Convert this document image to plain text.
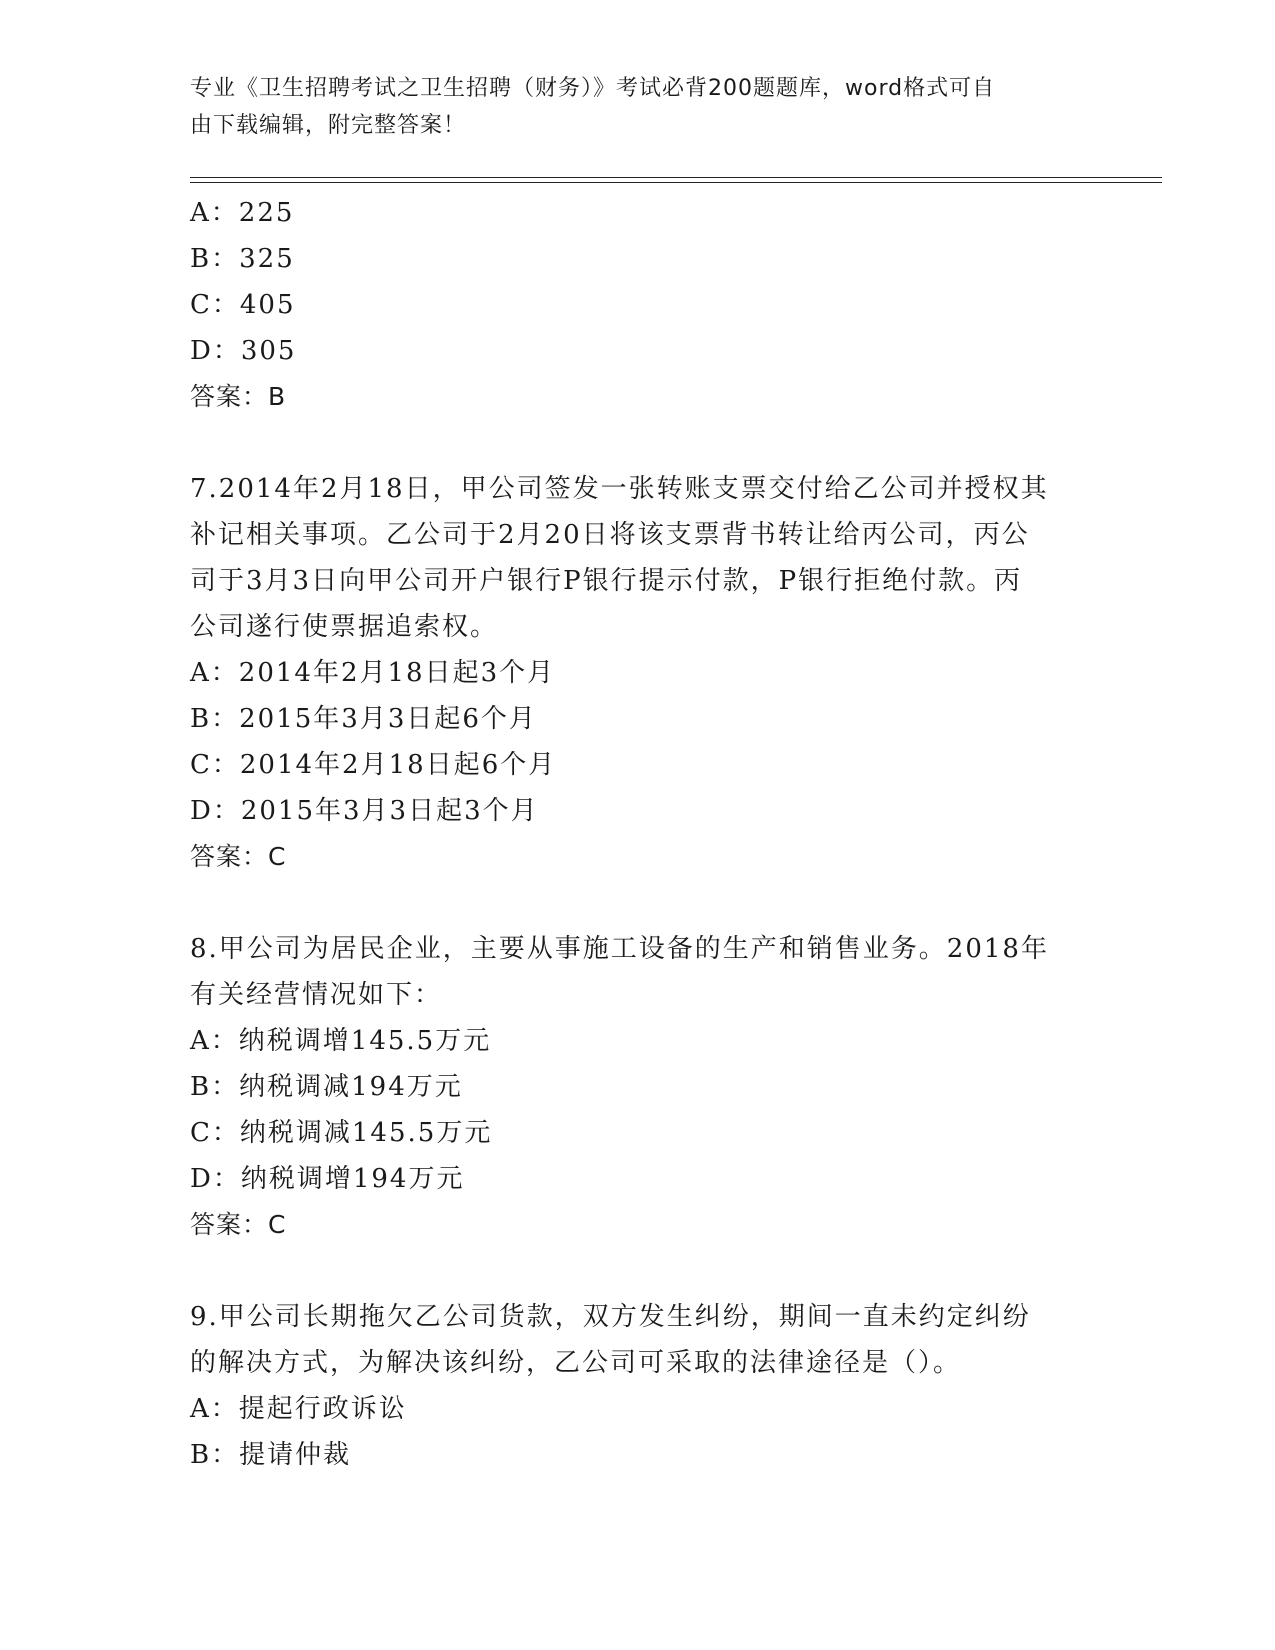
专业《卫生招聘考试之卫生招聘（财务）》考试必背200题题库，word格式可自
由下载编辑，附完整答案！
A：225
B：325
C：405
D：305
答案：B
7.2014年2月18日，甲公司签发一张转账支票交付给乙公司并授权其
补记相关事项。乙公司于2月20日将该支票背书转让给丙公司，丙公
司于3月3日向甲公司开户银行P银行提示付款，P银行拒绝付款。丙
公司遂行使票据追索权。
A：2014年2月18日起3个月
B：2015年3月3日起6个月
C：2014年2月18日起6个月
D：2015年3月3日起3个月
答案：C
8.甲公司为居民企业，主要从事施工设备的生产和销售业务。2018年
有关经营情况如下：
A：纳税调增145.5万元
B：纳税调减194万元
C：纳税调减145.5万元
D：纳税调增194万元
答案：C
9.甲公司长期拖欠乙公司货款，双方发生纠纷，期间一直未约定纠纷
的解决方式，为解决该纠纷，乙公司可采取的法律途径是（）。
A：提起行政诉讼
B：提请仲裁
